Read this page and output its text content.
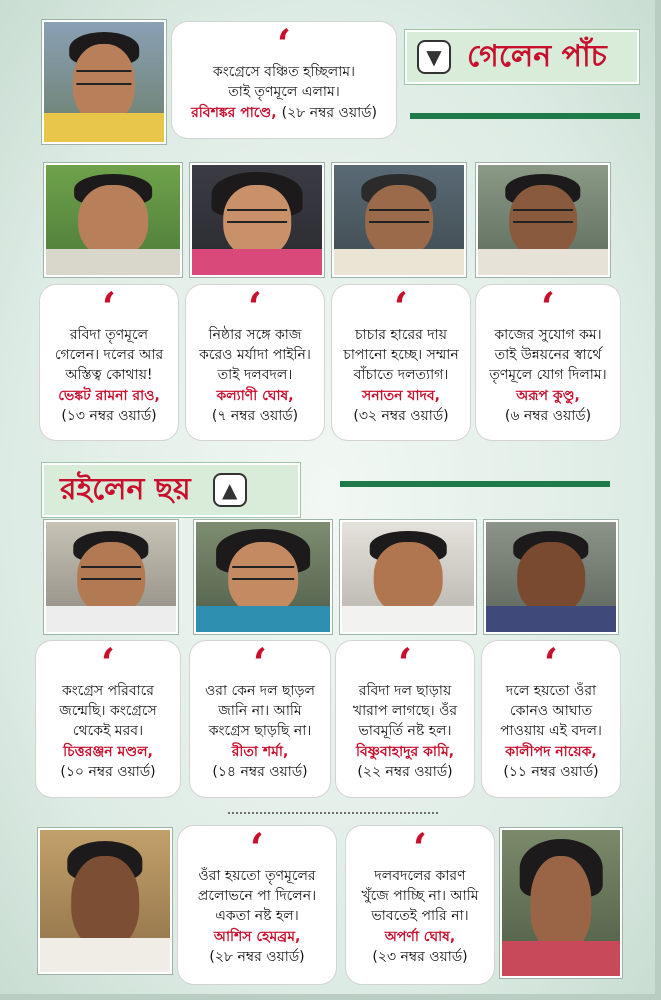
‘
কংগ্রেসে বঞ্চিত হচ্ছিলাম।
তাই তৃণমূলে এলাম।
রবিশঙ্কর পাণ্ডে, (২৮ নম্বর ওয়ার্ড)
▼ গেলেন পাঁচ
‘
রবিদা তৃণমূলে
গেলেন। দলের আর
অস্তিত্ব কোথায়!
ভেঙ্কট রামনা রাও,
(১৩ নম্বর ওয়ার্ড)
‘
নিষ্ঠার সঙ্গে কাজ
করেও মর্যাদা পাইনি।
তাই দলবদল।
কল্যাণী ঘোষ,
(৭ নম্বর ওয়ার্ড)
‘
চাচার হারের দায়
চাপানো হচ্ছে। সম্মান
বাঁচাতে দলত্যাগ।
সনাতন যাদব,
(৩২ নম্বর ওয়ার্ড)
‘
কাজের সুযোগ কম।
তাই উন্নয়নের স্বার্থে
তৃণমূলে যোগ দিলাম।
অরূপ কুণ্ডু,
(৬ নম্বর ওয়ার্ড)
রইলেন ছয়	▲
‘
কংগ্রেস পরিবারে
জন্মেছি। কংগ্রেসে
থেকেই মরব।
চিত্তরঞ্জন মণ্ডল,
(১০ নম্বর ওয়ার্ড)
‘
ওরা কেন দল ছাড়ল
জানি না। আমি
কংগ্রেস ছাড়ছি না।
রীতা শর্মা,
(১৪ নম্বর ওয়ার্ড)
‘
রবিদা দল ছাড়ায়
খারাপ লাগছে। ওঁর
ভাবমূর্তি নষ্ট হল।
বিষ্ণুবাহাদুর কামি,
(২২ নম্বর ওয়ার্ড)
‘
দলে হয়তো ওঁরা
কোনও আঘাত
পাওয়ায় এই বদল।
কালীপদ নায়েক,
(১১ নম্বর ওয়ার্ড)
‘
ওঁরা হয়তো তৃণমূলের
প্রলোভনে পা দিলেন।
একতা নষ্ট হল।
আশিস হেমব্রম,
(২৮ নম্বর ওয়ার্ড)
‘
দলবদলের কারণ
খুঁজে পাচ্ছি না। আমি
ভাবতেই পারি না।
অপর্ণা ঘোষ,
(২৩ নম্বর ওয়ার্ড)
